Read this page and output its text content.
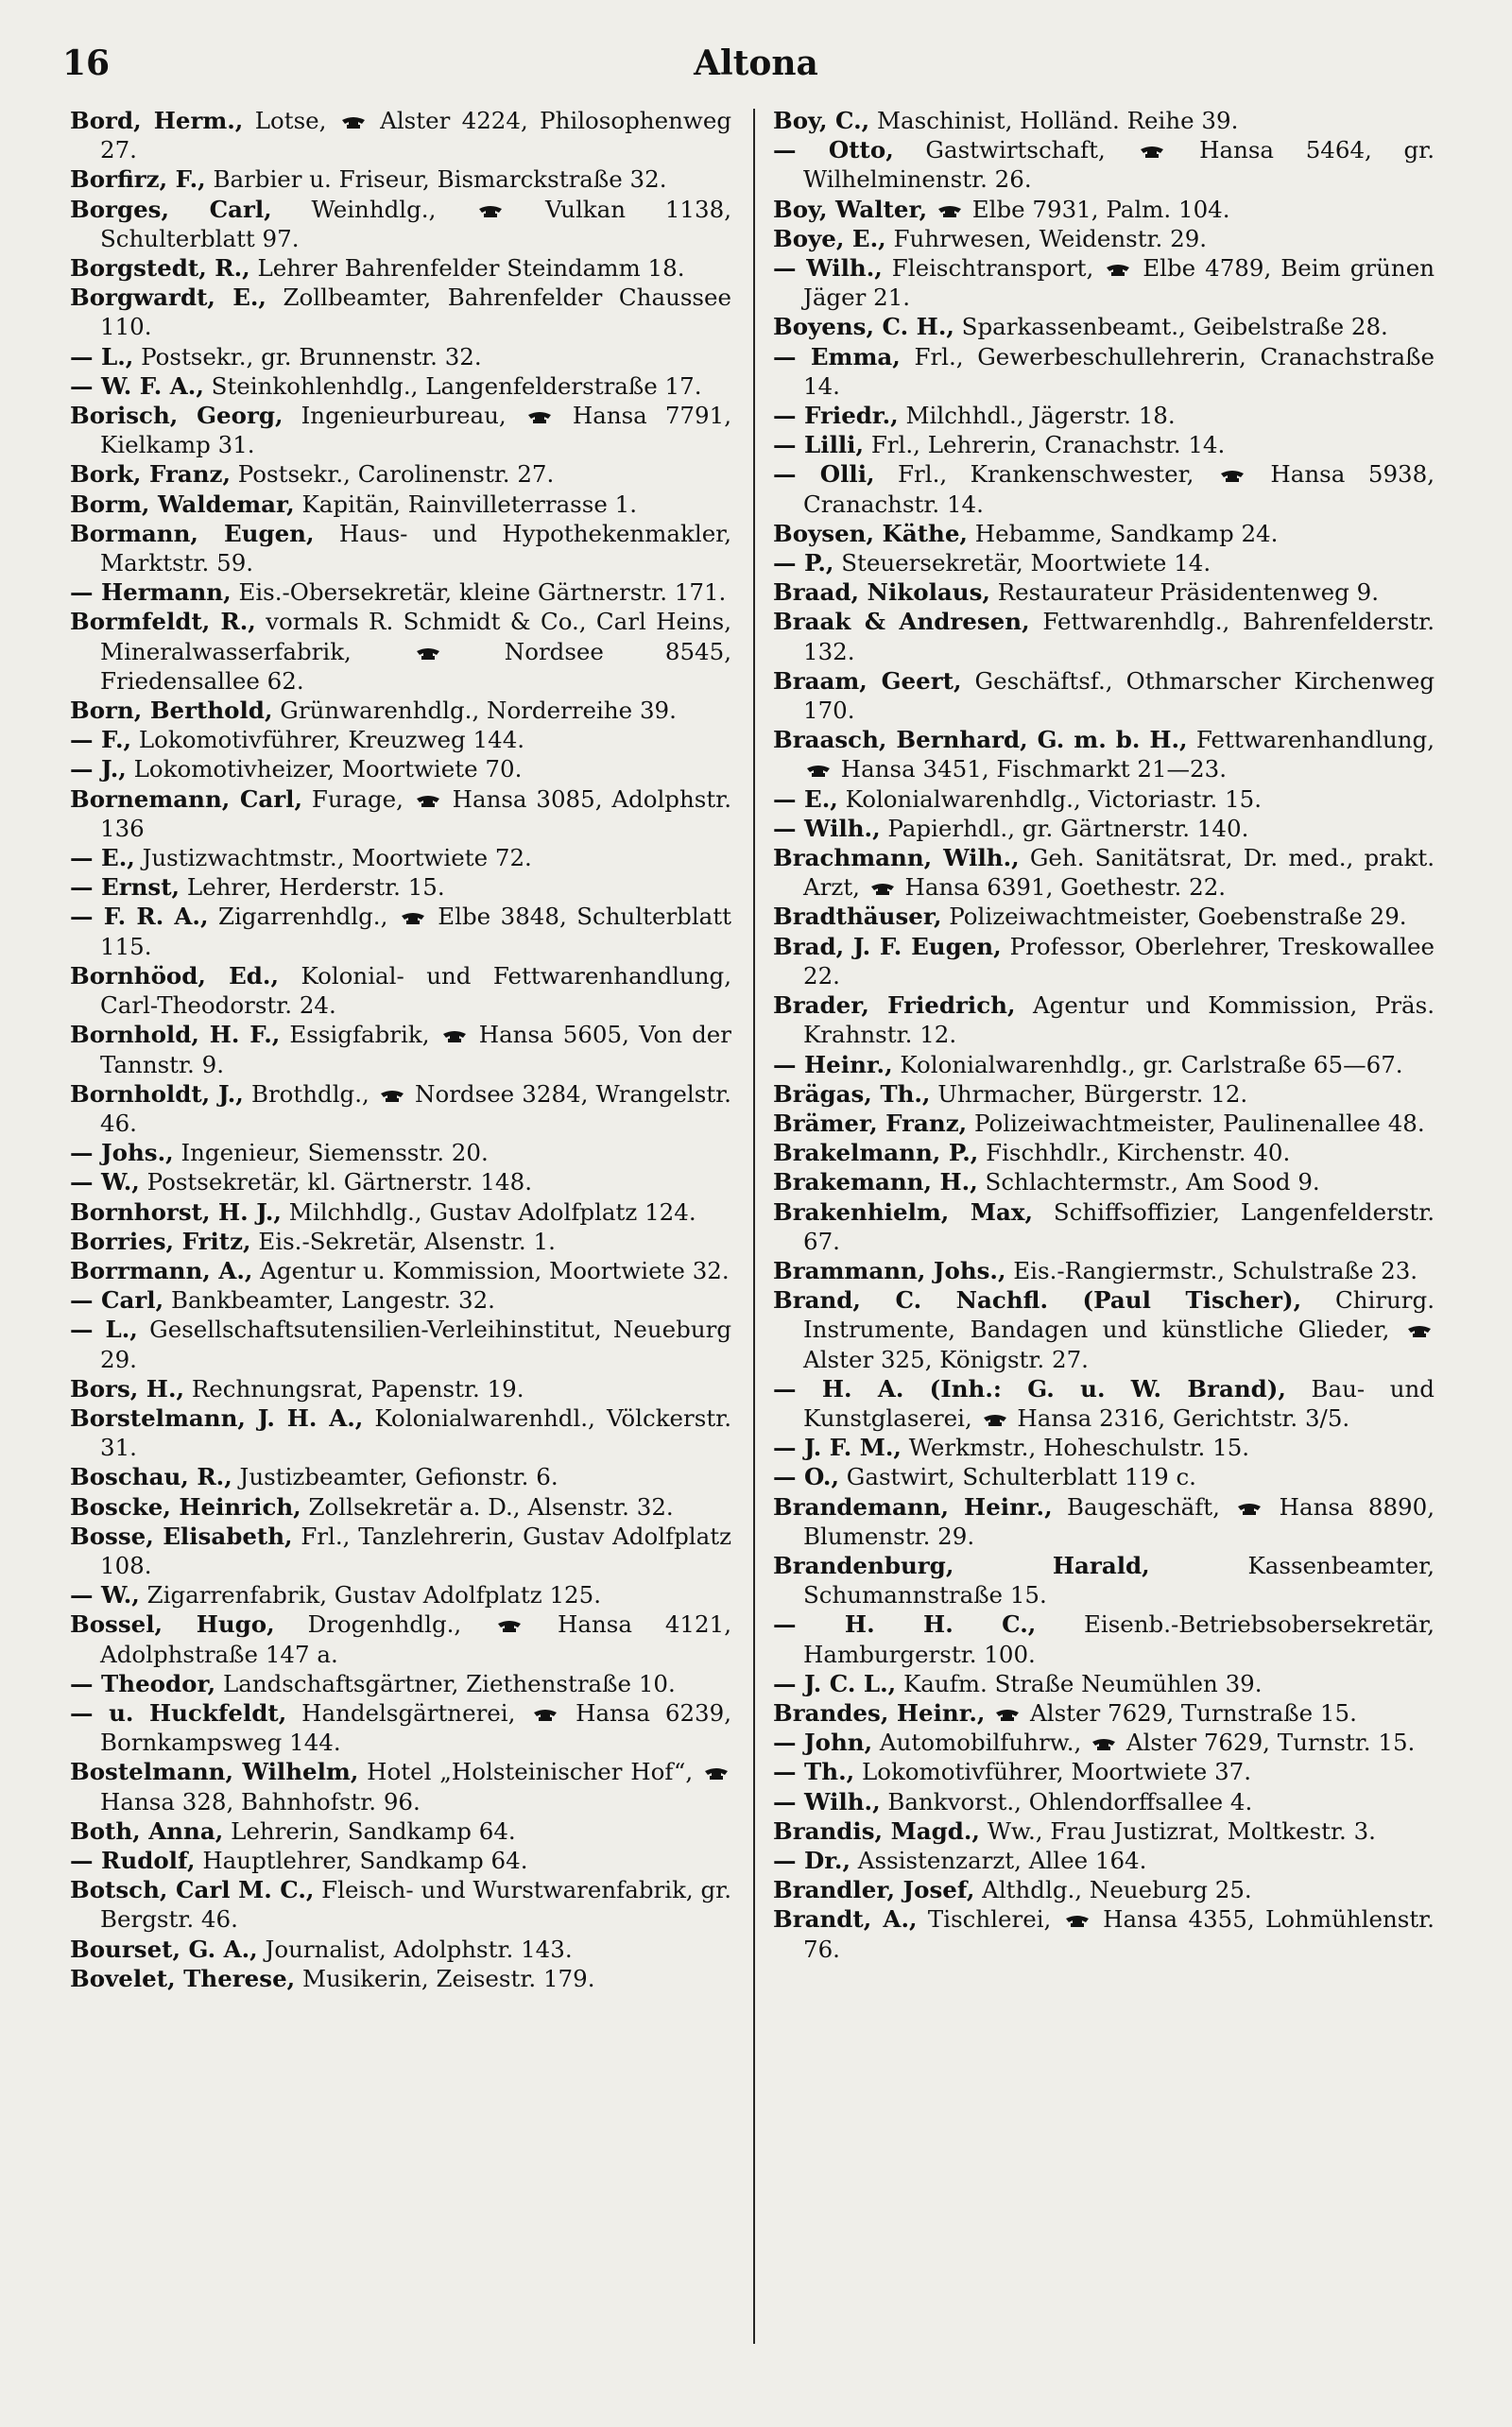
16	Altona
Bord, Herm., Lotse,
Alster 4224, Philosophenweg 27.
Borfirz, F., Barbier u. Friseur, Bismarckstraße 32.
Borges, Carl, Weinhdlg.,
Vulkan 1138, Schulterblatt 97.
Borgstedt, R., Lehrer Bahrenfelder Steindamm 18.
Borgwardt, E., Zollbeamter, Bahrenfelder Chaussee 110.
— L., Postsekr., gr. Brunnenstr. 32.
— W. F. A., Steinkohlenhdlg., Langenfelderstraße 17.
Borisch, Georg, Ingenieurbureau,
Hansa 7791, Kielkamp 31.
Bork, Franz, Postsekr., Carolinenstr. 27.
Borm, Waldemar, Kapitän, Rainvilleterrasse 1.
Bormann, Eugen, Haus- und Hypothekenmakler, Marktstr. 59.
— Hermann, Eis.-Obersekretär, kleine Gärtnerstr. 171.
Bormfeldt, R., vormals R. Schmidt & Co., Carl Heins, Mineralwasserfabrik,
Nordsee 8545, Friedensallee 62.
Born, Berthold, Grünwarenhdlg., Norderreihe 39.
— F., Lokomotivführer, Kreuzweg 144.
— J., Lokomotivheizer, Moortwiete 70.
Bornemann, Carl, Furage,
Hansa 3085, Adolphstr. 136
— E., Justizwachtmstr., Moortwiete 72.
— Ernst, Lehrer, Herderstr. 15.
— F. R. A., Zigarrenhdlg.,
Elbe 3848, Schulterblatt 115.
Bornhöod, Ed., Kolonial- und Fettwarenhandlung, Carl-Theodorstr. 24.
Bornhold, H. F., Essigfabrik,
Hansa 5605, Von der Tannstr. 9.
Bornholdt, J., Brothdlg.,
Nordsee 3284, Wrangelstr. 46.
— Johs., Ingenieur, Siemensstr. 20.
— W., Postsekretär, kl. Gärtnerstr. 148.
Bornhorst, H. J., Milchhdlg., Gustav Adolfplatz 124.
Borries, Fritz, Eis.-Sekretär, Alsenstr. 1.
Borrmann, A., Agentur u. Kommission, Moortwiete 32.
— Carl, Bankbeamter, Langestr. 32.
— L., Gesellschaftsutensilien-Verleihinstitut, Neueburg 29.
Bors, H., Rechnungsrat, Papenstr. 19.
Borstelmann, J. H. A., Kolonialwarenhdl., Völckerstr. 31.
Boschau, R., Justizbeamter, Gefionstr. 6.
Boscke, Heinrich, Zollsekretär a. D., Alsenstr. 32.
Bosse, Elisabeth, Frl., Tanzlehrerin, Gustav Adolfplatz 108.
— W., Zigarrenfabrik, Gustav Adolfplatz 125.
Bossel, Hugo, Drogenhdlg.,
Hansa 4121, Adolphstraße 147 a.
— Theodor, Landschaftsgärtner, Ziethenstraße 10.
— u. Huckfeldt, Handelsgärtnerei,
Hansa 6239, Bornkampsweg 144.
Bostelmann, Wilhelm, Hotel „Holsteinischer Hof“,
Hansa 328, Bahnhofstr. 96.
Both, Anna, Lehrerin, Sandkamp 64.
— Rudolf, Hauptlehrer, Sandkamp 64.
Botsch, Carl M. C., Fleisch- und Wurstwarenfabrik, gr. Bergstr. 46.
Bourset, G. A., Journalist, Adolphstr. 143.
Bovelet, Therese, Musikerin, Zeisestr. 179.
Boy, C., Maschinist, Holländ. Reihe 39.
— Otto, Gastwirtschaft,
Hansa 5464, gr. Wilhelminenstr. 26.
Boy, Walter,
Elbe 7931, Palm. 104.
Boye, E., Fuhrwesen, Weidenstr. 29.
— Wilh., Fleischtransport,
Elbe 4789, Beim grünen Jäger 21.
Boyens, C. H., Sparkassenbeamt., Geibelstraße 28.
— Emma, Frl., Gewerbeschullehrerin, Cranachstraße 14.
— Friedr., Milchhdl., Jägerstr. 18.
— Lilli, Frl., Lehrerin, Cranachstr. 14.
— Olli, Frl., Krankenschwester,
Hansa 5938, Cranachstr. 14.
Boysen, Käthe, Hebamme, Sandkamp 24.
— P., Steuersekretär, Moortwiete 14.
Braad, Nikolaus, Restaurateur Präsidentenweg 9.
Braak & Andresen, Fettwarenhdlg., Bahrenfelderstr. 132.
Braam, Geert, Geschäftsf., Othmarscher Kirchenweg 170.
Braasch, Bernhard, G. m. b. H., Fettwarenhandlung,
Hansa 3451, Fischmarkt 21—23.
— E., Kolonialwarenhdlg., Victoriastr. 15.
— Wilh., Papierhdl., gr. Gärtnerstr. 140.
Brachmann, Wilh., Geh. Sanitätsrat, Dr. med., prakt. Arzt,
Hansa 6391, Goethestr. 22.
Bradthäuser, Polizeiwachtmeister, Goebenstraße 29.
Brad, J. F. Eugen, Professor, Oberlehrer, Treskowallee 22.
Brader, Friedrich, Agentur und Kommission, Präs. Krahnstr. 12.
— Heinr., Kolonialwarenhdlg., gr. Carlstraße 65—67.
Brägas, Th., Uhrmacher, Bürgerstr. 12.
Brämer, Franz, Polizeiwachtmeister, Paulinenallee 48.
Brakelmann, P., Fischhdlr., Kirchenstr. 40.
Brakemann, H., Schlachtermstr., Am Sood 9.
Brakenhielm, Max, Schiffsoffizier, Langenfelderstr. 67.
Brammann, Johs., Eis.-Rangiermstr., Schulstraße 23.
Brand, C. Nachfl. (Paul Tischer), Chirurg. Instrumente, Bandagen und künstliche Glieder,
Alster 325, Königstr. 27.
— H. A. (Inh.: G. u. W. Brand), Bau- und Kunstglaserei,
Hansa 2316, Gerichtstr. 3/5.
— J. F. M., Werkmstr., Hoheschulstr. 15.
— O., Gastwirt, Schulterblatt 119 c.
Brandemann, Heinr., Baugeschäft,
Hansa 8890, Blumenstr. 29.
Brandenburg, Harald,	Kassenbeamter, Schumannstraße 15.
— H. H. C., Eisenb.-Betriebsobersekretär, Hamburgerstr. 100.
— J. C. L., Kaufm. Straße Neumühlen 39.
Brandes, Heinr.,
Alster 7629, Turnstraße 15.
— John, Automobilfuhrw.,
Alster 7629, Turnstr. 15.
— Th., Lokomotivführer, Moortwiete 37.
— Wilh., Bankvorst., Ohlendorffsallee 4.
Brandis, Magd., Ww., Frau Justizrat, Moltkestr. 3.
— Dr., Assistenzarzt, Allee 164.
Brandler, Josef, Althdlg., Neueburg 25.
Brandt, A., Tischlerei,
Hansa 4355, Lohmühlenstr. 76.
